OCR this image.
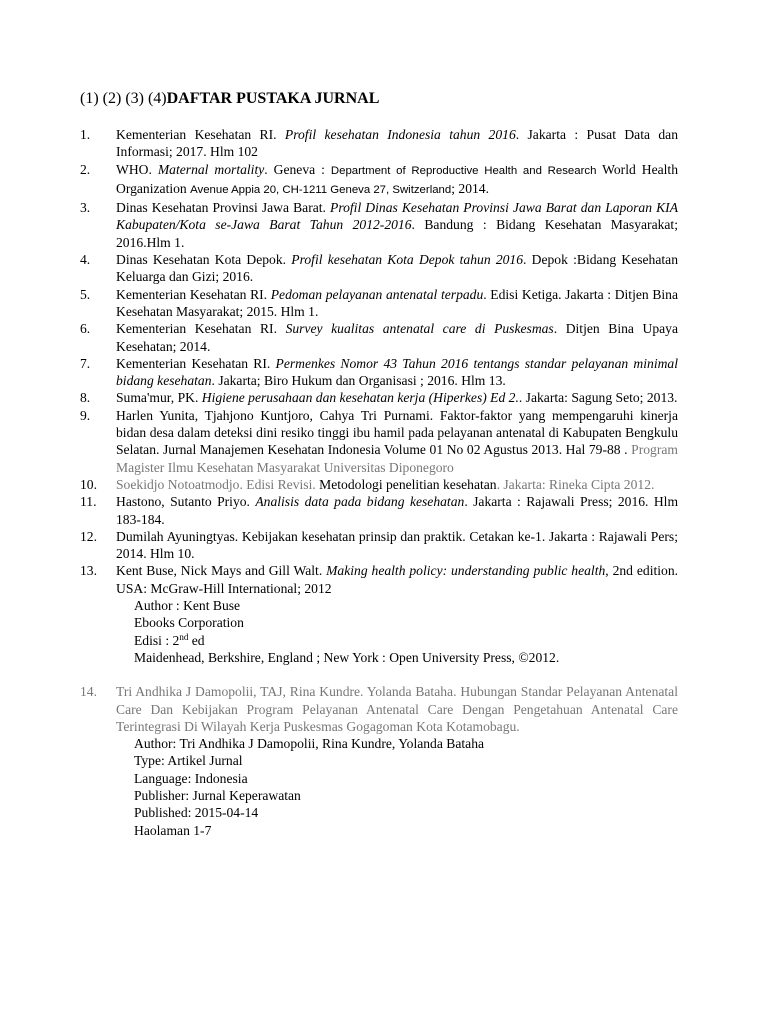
(1) (2) (3) (4)DAFTAR PUSTAKA JURNAL
1. Kementerian Kesehatan RI. Profil kesehatan Indonesia tahun 2016. Jakarta : Pusat Data dan Informasi; 2017. Hlm 102
2. WHO. Maternal mortality. Geneva : Department of Reproductive Health and Research World Health Organization Avenue Appia 20, CH-1211 Geneva 27, Switzerland; 2014.
3. Dinas Kesehatan Provinsi Jawa Barat. Profil Dinas Kesehatan Provinsi Jawa Barat dan Laporan KIA Kabupaten/Kota se-Jawa Barat Tahun 2012-2016. Bandung : Bidang Kesehatan Masyarakat; 2016.Hlm 1.
4. Dinas Kesehatan Kota Depok. Profil kesehatan Kota Depok tahun 2016. Depok :Bidang Kesehatan Keluarga dan Gizi; 2016.
5. Kementerian Kesehatan RI. Pedoman pelayanan antenatal terpadu. Edisi Ketiga. Jakarta : Ditjen Bina Kesehatan Masyarakat; 2015. Hlm 1.
6. Kementerian Kesehatan RI. Survey kualitas antenatal care di Puskesmas. Ditjen Bina Upaya Kesehatan; 2014.
7. Kementerian Kesehatan RI. Permenkes Nomor 43 Tahun 2016 tentangs standar pelayanan minimal bidang kesehatan. Jakarta; Biro Hukum dan Organisasi ; 2016. Hlm 13.
8. Suma'mur, PK. Higiene perusahaan dan kesehatan kerja (Hiperkes) Ed 2.. Jakarta: Sagung Seto; 2013.
9. Harlen Yunita, Tjahjono Kuntjoro, Cahya Tri Purnami. Faktor-faktor yang mempengaruhi kinerja bidan desa dalam deteksi dini resiko tinggi ibu hamil pada pelayanan antenatal di Kabupaten Bengkulu Selatan. Jurnal Manajemen Kesehatan Indonesia Volume 01 No 02 Agustus 2013. Hal 79-88 . Program Magister Ilmu Kesehatan Masyarakat Universitas Diponegoro
10. Soekidjo Notoatmodjo. Edisi Revisi. Metodologi penelitian kesehatan. Jakarta: Rineka Cipta 2012.
11. Hastono, Sutanto Priyo. Analisis data pada bidang kesehatan. Jakarta : Rajawali Press; 2016. Hlm 183-184.
12. Dumilah Ayuningtyas. Kebijakan kesehatan prinsip dan praktik. Cetakan ke-1. Jakarta : Rajawali Pers; 2014. Hlm 10.
13. Kent Buse, Nick Mays and Gill Walt. Making health policy: understanding public health, 2nd edition. USA: McGraw-Hill International; 2012
Author : Kent Buse
Ebooks Corporation
Edisi : 2nd ed
Maidenhead, Berkshire, England ; New York : Open University Press, ©2012.
14. Tri Andhika J Damopolii, TAJ, Rina Kundre. Yolanda Bataha. Hubungan Standar Pelayanan Antenatal Care Dan Kebijakan Program Pelayanan Antenatal Care Dengan Pengetahuan Antenatal Care Terintegrasi Di Wilayah Kerja Puskesmas Gogagoman Kota Kotamobagu.
Author: Tri Andhika J Damopolii, Rina Kundre, Yolanda Bataha
Type: Artikel Jurnal
Language: Indonesia
Publisher: Jurnal Keperawatan
Published: 2015-04-14
Haolaman 1-7
